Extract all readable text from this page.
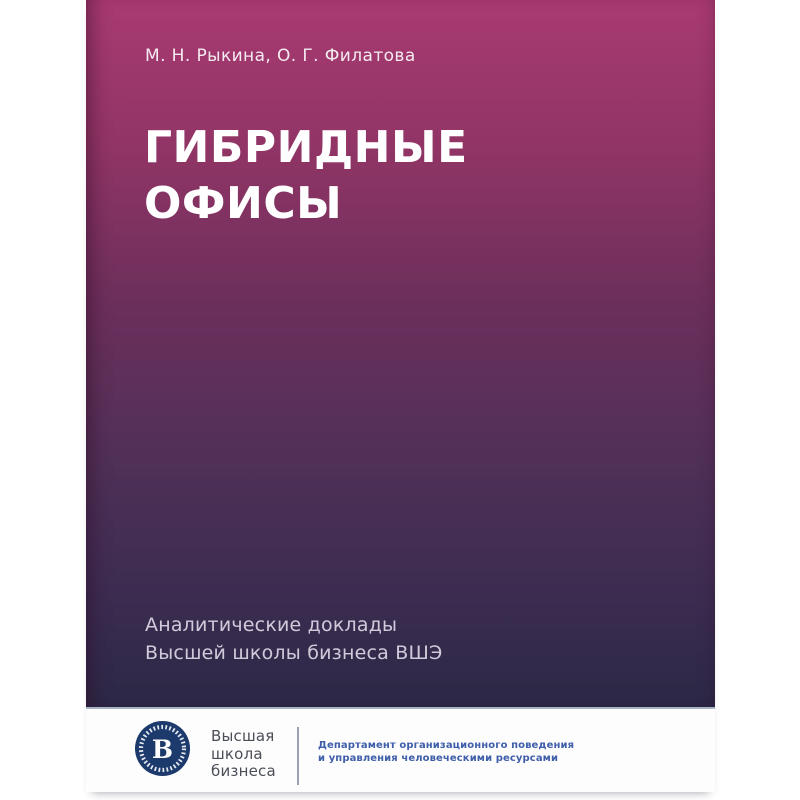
М. Н. Рыкина, О. Г. Филатова
ГИБРИДНЫЕ
ОФИСЫ
Аналитические доклады
Высшей школы бизнеса ВШЭ
В	Высшая
школа
бизнеса
Департамент организационного поведения
и управления человеческими ресурсами
